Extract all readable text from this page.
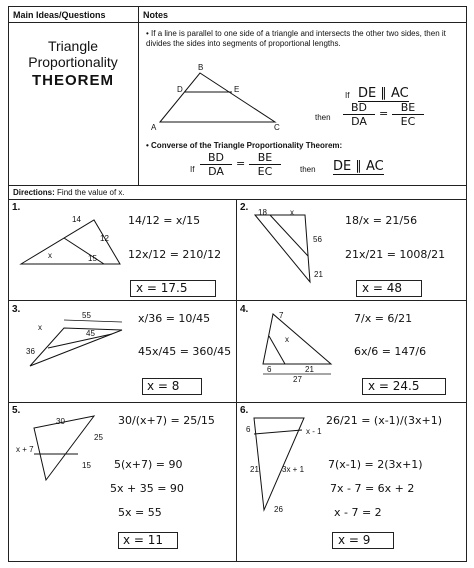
Main Ideas/Questions	Notes
Triangle
Proportionality
THEOREM
• If a line is parallel to one side of a triangle and intersects the other two sides, then it divides the sides into segments of proportional lengths.
A
B
C
D	E
If DE ∥ AC
then $\frac{BD}{DA} = \frac{BE}{EC}$
• Converse of the Triangle Proportionality Theorem:
If $\frac{BD}{DA} = \frac{BE}{EC}$ then DE ∥ AC
Directions: Find the value of x.
1.
14
12
x	15
14/12 = x/15
12x/12 = 210/12
x = 17.5
2. 18	x
56
21
18/x = 21/56
21x/21 = 1008/21
x = 48
3.
55
x
45
36
x/36 = 10/45
45x/45 = 360/45
x = 8
4.
7
x
6
27
21
7/x = 6/21
6x/6 = 147/6
x = 24.5
5.
30
25
x + 7
15
30/(x+7) = 25/15
5(x+7) = 90
5x + 35 = 90
5x = 55
x = 11
6.
6	x - 1
3x + 1
21
26
26/21 = (x-1)/(3x+1)
7(x-1) = 2(3x+1)
7x - 7 = 6x + 2
x - 7 = 2
x = 9
